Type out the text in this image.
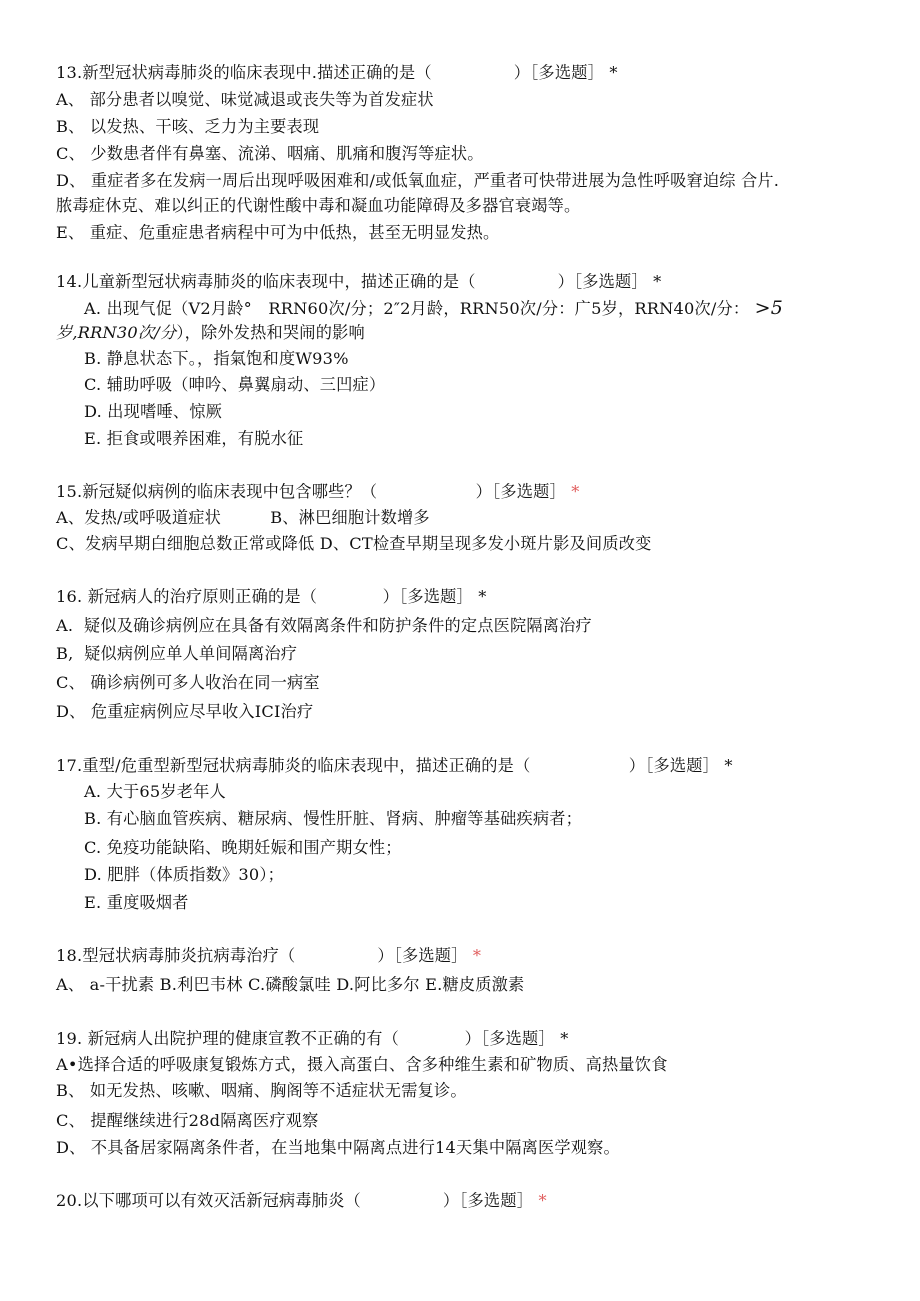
13.新型冠状病毒肺炎的临床表现中.描述正确的是（　　　　　）［多选题］ *
A、 部分患者以嗅觉、味觉减退或丧失等为首发症状
B、 以发热、干咳、乏力为主要表现
C、 少数患者伴有鼻塞、流涕、咽痛、肌痛和腹泻等症状。
D、 重症者多在发病一周后出现呼吸困难和/或低氧血症，严重者可快带进展为急性呼吸窘迫综 合片.
脓毒症休克、难以纠正的代谢性酸中毒和凝血功能障碍及多器官衰竭等。
E、 重症、危重症患者病程中可为中低热，甚至无明显发热。
14.儿童新型冠状病毒肺炎的临床表现中，描述正确的是（　　　　　）［多选题］ *
A. 出现气促（V2月龄°　RRN60次/分；2″2月龄，RRN50次/分：广5岁，RRN40次/分： >5
岁,RRN30次/分），除外发热和哭闹的影响
B. 静息状态下。，指氣饱和度W93%
C. 辅助呼吸（呻吟、鼻翼扇动、三凹症）
D. 出现嗜唾、惊厥
E. 拒食或喂养困难，有脱水征
15.新冠疑似病例的临床表现中包含哪些？（　　　　　　）［多选题］ *
A、发热/或呼吸道症状　　　B、淋巴细胞计数增多
C、发病早期白细胞总数正常或降低 D、CT检查早期呈现多发小斑片影及间质改变
16. 新冠病人的治疗原则正确的是（　　　　）［多选题］ *
A.  疑似及确诊病例应在具备有效隔离条件和防护条件的定点医院隔离治疗
B,  疑似病例应单人单间隔离治疗
C、 确诊病例可多人收治在同一病室
D、 危重症病例应尽早收入ICI治疗
17.重型/危重型新型冠状病毒肺炎的临床表现中，描述正确的是（　　　　　　）［多选题］ *
A. 大于65岁老年人
B. 有心脑血管疾病、糖尿病、慢性肝脏、肾病、肿瘤等基础疾病者；
C. 免疫功能缺陷、晚期妊娠和围产期女性；
D. 肥胖（体质指数》30）；
E. 重度吸烟者
18.型冠状病毒肺炎抗病毒治疗（　　　　　）［多选题］ *
A、 a-干扰素 B.利巴韦林 C.磷酸氯哇 D.阿比多尔 E.糖皮质激素
19. 新冠病人出院护理的健康宣教不正确的有（　　　　）［多选题］ *
A•选择合适的呼吸康复锻炼方式，摄入高蛋白、含多种维生素和矿物质、高热量饮食
B、 如无发热、咳嗽、咽痛、胸阁等不适症状无需复诊。
C、 提醒继续进行28d隔离医疗观察
D、 不具备居家隔离条件者，在当地集中隔离点进行14天集中隔离医学观察。
20.以下哪项可以有效灭活新冠病毒肺炎（　　　　　）［多选题］ *
